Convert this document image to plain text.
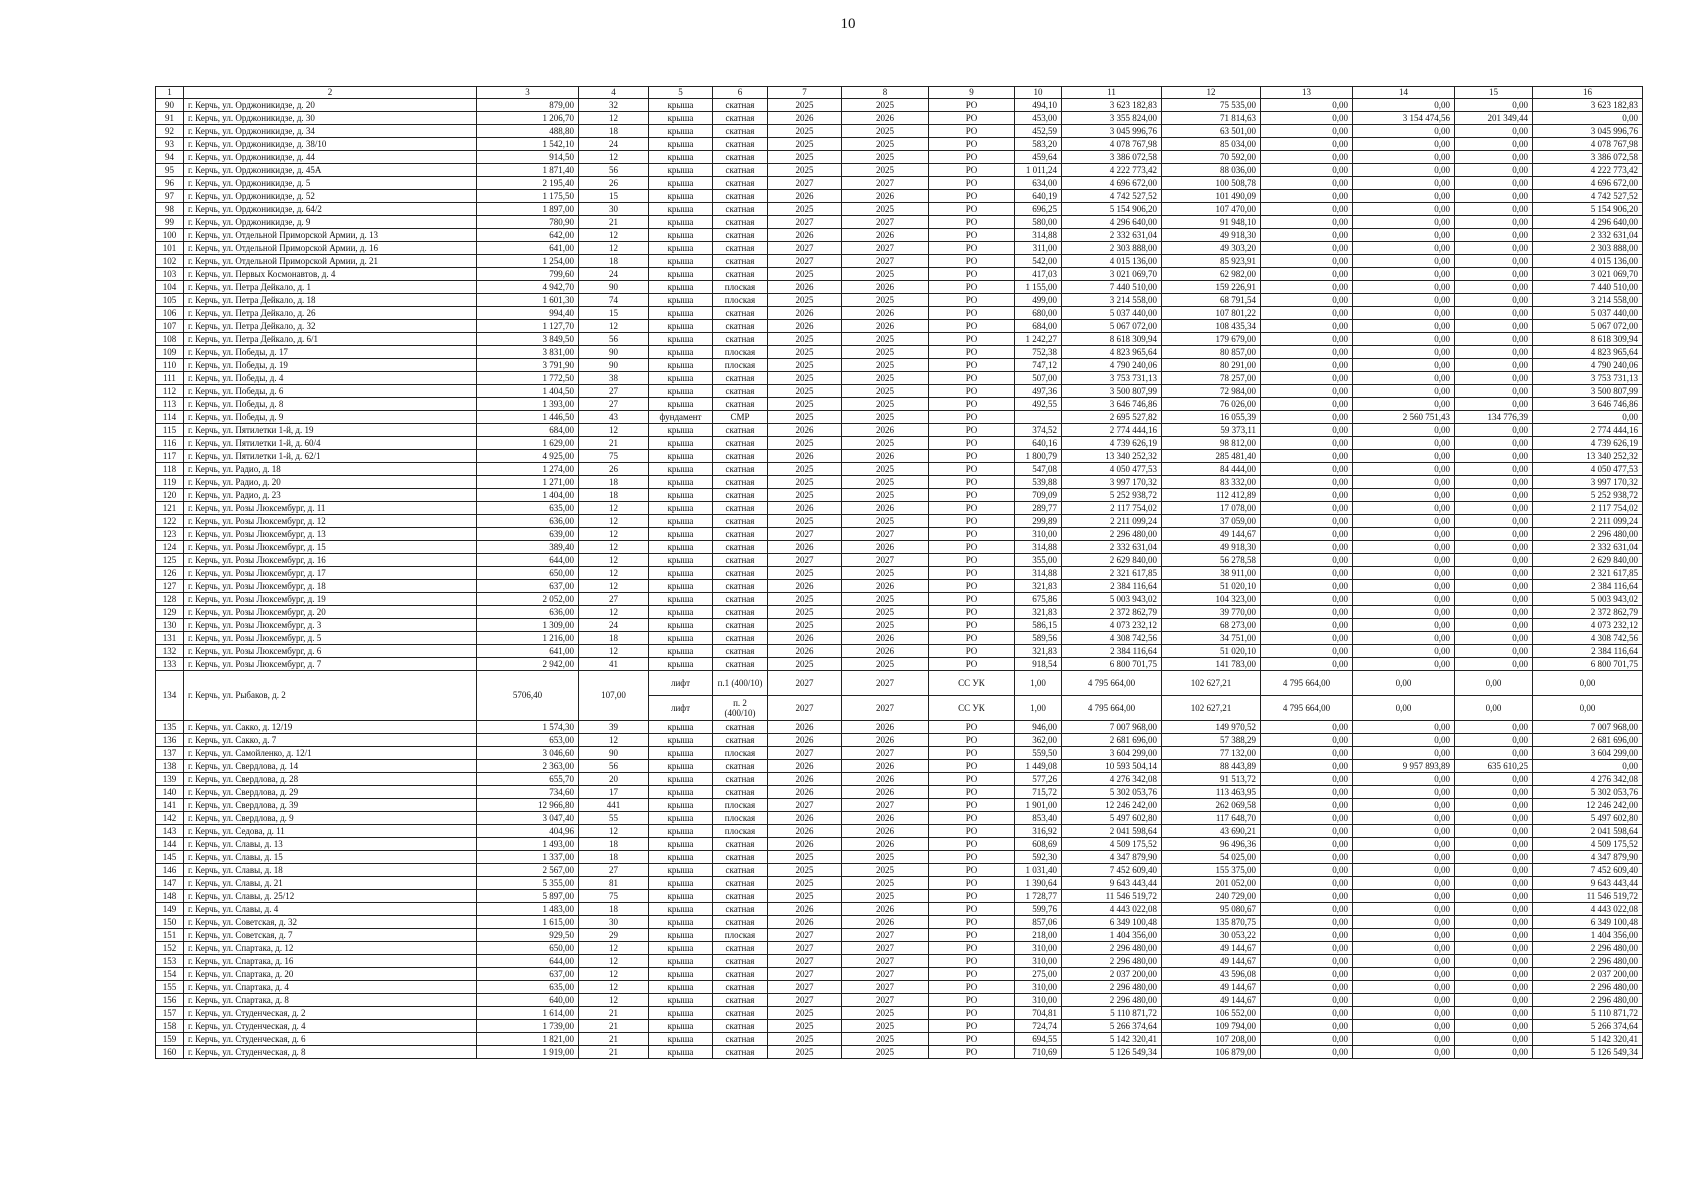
10
1	2	3	4	5	6	7	8	9	10	11	12	13	14	15	16
90	г. Керчь, ул. Орджоникидзе, д. 20	879,00	32	крыша	скатная	2025	2025	РО	494,10	3 623 182,83	75 535,00	0,00	0,00	0,00	3 623 182,83
91	г. Керчь, ул. Орджоникидзе, д. 30	1 206,70	12	крыша	скатная	2026	2026	РО	453,00	3 355 824,00	71 814,63	0,00	3 154 474,56	201 349,44	0,00
92	г. Керчь, ул. Орджоникидзе, д. 34	488,80	18	крыша	скатная	2025	2025	РО	452,59	3 045 996,76	63 501,00	0,00	0,00	0,00	3 045 996,76
93	г. Керчь, ул. Орджоникидзе, д. 38/10	1 542,10	24	крыша	скатная	2025	2025	РО	583,20	4 078 767,98	85 034,00	0,00	0,00	0,00	4 078 767,98
94	г. Керчь, ул. Орджоникидзе, д. 44	914,50	12	крыша	скатная	2025	2025	РО	459,64	3 386 072,58	70 592,00	0,00	0,00	0,00	3 386 072,58
95	г. Керчь, ул. Орджоникидзе, д. 45А	1 871,40	56	крыша	скатная	2025	2025	РО	1 011,24	4 222 773,42	88 036,00	0,00	0,00	0,00	4 222 773,42
96	г. Керчь, ул. Орджоникидзе, д. 5	2 195,40	26	крыша	скатная	2027	2027	РО	634,00	4 696 672,00	100 508,78	0,00	0,00	0,00	4 696 672,00
97	г. Керчь, ул. Орджоникидзе, д. 52	1 175,50	15	крыша	скатная	2026	2026	РО	640,19	4 742 527,52	101 490,09	0,00	0,00	0,00	4 742 527,52
98	г. Керчь, ул. Орджоникидзе, д. 64/2	1 897,00	30	крыша	скатная	2025	2025	РО	696,25	5 154 906,20	107 470,00	0,00	0,00	0,00	5 154 906,20
99	г. Керчь, ул. Орджоникидзе, д. 9	780,90	21	крыша	скатная	2027	2027	РО	580,00	4 296 640,00	91 948,10	0,00	0,00	0,00	4 296 640,00
100	г. Керчь, ул. Отдельной Приморской Армии, д. 13	642,00	12	крыша	скатная	2026	2026	РО	314,88	2 332 631,04	49 918,30	0,00	0,00	0,00	2 332 631,04
101	г. Керчь, ул. Отдельной Приморской Армии, д. 16	641,00	12	крыша	скатная	2027	2027	РО	311,00	2 303 888,00	49 303,20	0,00	0,00	0,00	2 303 888,00
102	г. Керчь, ул. Отдельной Приморской Армии, д. 21	1 254,00	18	крыша	скатная	2027	2027	РО	542,00	4 015 136,00	85 923,91	0,00	0,00	0,00	4 015 136,00
103	г. Керчь, ул. Первых Космонавтов, д. 4	799,60	24	крыша	скатная	2025	2025	РО	417,03	3 021 069,70	62 982,00	0,00	0,00	0,00	3 021 069,70
104	г. Керчь, ул. Петра Дейкало, д. 1	4 942,70	90	крыша	плоская	2026	2026	РО	1 155,00	7 440 510,00	159 226,91	0,00	0,00	0,00	7 440 510,00
105	г. Керчь, ул. Петра Дейкало, д. 18	1 601,30	74	крыша	плоская	2025	2025	РО	499,00	3 214 558,00	68 791,54	0,00	0,00	0,00	3 214 558,00
106	г. Керчь, ул. Петра Дейкало, д. 26	994,40	15	крыша	скатная	2026	2026	РО	680,00	5 037 440,00	107 801,22	0,00	0,00	0,00	5 037 440,00
107	г. Керчь, ул. Петра Дейкало, д. 32	1 127,70	12	крыша	скатная	2026	2026	РО	684,00	5 067 072,00	108 435,34	0,00	0,00	0,00	5 067 072,00
108	г. Керчь, ул. Петра Дейкало, д. 6/1	3 849,50	56	крыша	скатная	2025	2025	РО	1 242,27	8 618 309,94	179 679,00	0,00	0,00	0,00	8 618 309,94
109	г. Керчь, ул. Победы, д. 17	3 831,00	90	крыша	плоская	2025	2025	РО	752,38	4 823 965,64	80 857,00	0,00	0,00	0,00	4 823 965,64
110	г. Керчь, ул. Победы, д. 19	3 791,90	90	крыша	плоская	2025	2025	РО	747,12	4 790 240,06	80 291,00	0,00	0,00	0,00	4 790 240,06
111	г. Керчь, ул. Победы, д. 4	1 772,50	38	крыша	скатная	2025	2025	РО	507,00	3 753 731,13	78 257,00	0,00	0,00	0,00	3 753 731,13
112	г. Керчь, ул. Победы, д. 6	1 404,50	27	крыша	скатная	2025	2025	РО	497,36	3 500 807,99	72 984,00	0,00	0,00	0,00	3 500 807,99
113	г. Керчь, ул. Победы, д. 8	1 393,00	27	крыша	скатная	2025	2025	РО	492,55	3 646 746,86	76 026,00	0,00	0,00	0,00	3 646 746,86
114	г. Керчь, ул. Победы, д. 9	1 446,50	43	фундамент	СМР	2025	2025	РО		2 695 527,82	16 055,39	0,00	2 560 751,43	134 776,39	0,00
115	г. Керчь, ул. Пятилетки 1-й, д. 19	684,00	12	крыша	скатная	2026	2026	РО	374,52	2 774 444,16	59 373,11	0,00	0,00	0,00	2 774 444,16
116	г. Керчь, ул. Пятилетки 1-й, д. 60/4	1 629,00	21	крыша	скатная	2025	2025	РО	640,16	4 739 626,19	98 812,00	0,00	0,00	0,00	4 739 626,19
117	г. Керчь, ул. Пятилетки 1-й, д. 62/1	4 925,00	75	крыша	скатная	2026	2026	РО	1 800,79	13 340 252,32	285 481,40	0,00	0,00	0,00	13 340 252,32
118	г. Керчь, ул. Радио, д. 18	1 274,00	26	крыша	скатная	2025	2025	РО	547,08	4 050 477,53	84 444,00	0,00	0,00	0,00	4 050 477,53
119	г. Керчь, ул. Радио, д. 20	1 271,00	18	крыша	скатная	2025	2025	РО	539,88	3 997 170,32	83 332,00	0,00	0,00	0,00	3 997 170,32
120	г. Керчь, ул. Радио, д. 23	1 404,00	18	крыша	скатная	2025	2025	РО	709,09	5 252 938,72	112 412,89	0,00	0,00	0,00	5 252 938,72
121	г. Керчь, ул. Розы Люксембург, д. 11	635,00	12	крыша	скатная	2026	2026	РО	289,77	2 117 754,02	17 078,00	0,00	0,00	0,00	2 117 754,02
122	г. Керчь, ул. Розы Люксембург, д. 12	636,00	12	крыша	скатная	2025	2025	РО	299,89	2 211 099,24	37 059,00	0,00	0,00	0,00	2 211 099,24
123	г. Керчь, ул. Розы Люксембург, д. 13	639,00	12	крыша	скатная	2027	2027	РО	310,00	2 296 480,00	49 144,67	0,00	0,00	0,00	2 296 480,00
124	г. Керчь, ул. Розы Люксембург, д. 15	389,40	12	крыша	скатная	2026	2026	РО	314,88	2 332 631,04	49 918,30	0,00	0,00	0,00	2 332 631,04
125	г. Керчь, ул. Розы Люксембург, д. 16	644,00	12	крыша	скатная	2027	2027	РО	355,00	2 629 840,00	56 278,58	0,00	0,00	0,00	2 629 840,00
126	г. Керчь, ул. Розы Люксембург, д. 17	650,00	12	крыша	скатная	2025	2025	РО	314,88	2 321 617,85	38 911,00	0,00	0,00	0,00	2 321 617,85
127	г. Керчь, ул. Розы Люксембург, д. 18	637,00	12	крыша	скатная	2026	2026	РО	321,83	2 384 116,64	51 020,10	0,00	0,00	0,00	2 384 116,64
128	г. Керчь, ул. Розы Люксембург, д. 19	2 052,00	27	крыша	скатная	2025	2025	РО	675,86	5 003 943,02	104 323,00	0,00	0,00	0,00	5 003 943,02
129	г. Керчь, ул. Розы Люксембург, д. 20	636,00	12	крыша	скатная	2025	2025	РО	321,83	2 372 862,79	39 770,00	0,00	0,00	0,00	2 372 862,79
130	г. Керчь, ул. Розы Люксембург, д. 3	1 309,00	24	крыша	скатная	2025	2025	РО	586,15	4 073 232,12	68 273,00	0,00	0,00	0,00	4 073 232,12
131	г. Керчь, ул. Розы Люксембург, д. 5	1 216,00	18	крыша	скатная	2026	2026	РО	589,56	4 308 742,56	34 751,00	0,00	0,00	0,00	4 308 742,56
132	г. Керчь, ул. Розы Люксембург, д. 6	641,00	12	крыша	скатная	2026	2026	РО	321,83	2 384 116,64	51 020,10	0,00	0,00	0,00	2 384 116,64
133	г. Керчь, ул. Розы Люксембург, д. 7	2 942,00	41	крыша	скатная	2025	2025	РО	918,54	6 800 701,75	141 783,00	0,00	0,00	0,00	6 800 701,75
134	г. Керчь, ул. Рыбаков, д. 2	5706,40	107,00	лифт	п.1 (400/10)	2027	2027	СС УК	1,00	4 795 664,00	102 627,21	4 795 664,00	0,00	0,00	0,00
				лифт	п. 2 (400/10)	2027	2027	СС УК	1,00	4 795 664,00	102 627,21	4 795 664,00	0,00	0,00	0,00
135	г. Керчь, ул. Сакко, д. 12/19	1 574,30	39	крыша	скатная	2026	2026	РО	946,00	7 007 968,00	149 970,52	0,00	0,00	0,00	7 007 968,00
136	г. Керчь, ул. Сакко, д. 7	653,00	12	крыша	скатная	2026	2026	РО	362,00	2 681 696,00	57 388,29	0,00	0,00	0,00	2 681 696,00
137	г. Керчь, ул. Самойленко, д. 12/1	3 046,60	90	крыша	плоская	2027	2027	РО	559,50	3 604 299,00	77 132,00	0,00	0,00	0,00	3 604 299,00
138	г. Керчь, ул. Свердлова, д. 14	2 363,00	56	крыша	скатная	2026	2026	РО	1 449,08	10 593 504,14	88 443,89	0,00	9 957 893,89	635 610,25	0,00
139	г. Керчь, ул. Свердлова, д. 28	655,70	20	крыша	скатная	2026	2026	РО	577,26	4 276 342,08	91 513,72	0,00	0,00	0,00	4 276 342,08
140	г. Керчь, ул. Свердлова, д. 29	734,60	17	крыша	скатная	2026	2026	РО	715,72	5 302 053,76	113 463,95	0,00	0,00	0,00	5 302 053,76
141	г. Керчь, ул. Свердлова, д. 39	12 966,80	441	крыша	плоская	2027	2027	РО	1 901,00	12 246 242,00	262 069,58	0,00	0,00	0,00	12 246 242,00
142	г. Керчь, ул. Свердлова, д. 9	3 047,40	55	крыша	плоская	2026	2026	РО	853,40	5 497 602,80	117 648,70	0,00	0,00	0,00	5 497 602,80
143	г. Керчь, ул. Седова, д. 11	404,96	12	крыша	плоская	2026	2026	РО	316,92	2 041 598,64	43 690,21	0,00	0,00	0,00	2 041 598,64
144	г. Керчь, ул. Славы, д. 13	1 493,00	18	крыша	скатная	2026	2026	РО	608,69	4 509 175,52	96 496,36	0,00	0,00	0,00	4 509 175,52
145	г. Керчь, ул. Славы, д. 15	1 337,00	18	крыша	скатная	2025	2025	РО	592,30	4 347 879,90	54 025,00	0,00	0,00	0,00	4 347 879,90
146	г. Керчь, ул. Славы, д. 18	2 567,00	27	крыша	скатная	2025	2025	РО	1 031,40	7 452 609,40	155 375,00	0,00	0,00	0,00	7 452 609,40
147	г. Керчь, ул. Славы, д. 21	5 355,00	81	крыша	скатная	2025	2025	РО	1 390,64	9 643 443,44	201 052,00	0,00	0,00	0,00	9 643 443,44
148	г. Керчь, ул. Славы, д. 25/12	5 897,00	75	крыша	скатная	2025	2025	РО	1 728,77	11 546 519,72	240 729,00	0,00	0,00	0,00	11 546 519,72
149	г. Керчь, ул. Славы, д. 4	1 483,00	18	крыша	скатная	2026	2026	РО	599,76	4 443 022,08	95 080,67	0,00	0,00	0,00	4 443 022,08
150	г. Керчь, ул. Советская, д. 32	1 615,00	30	крыша	скатная	2026	2026	РО	857,06	6 349 100,48	135 870,75	0,00	0,00	0,00	6 349 100,48
151	г. Керчь, ул. Советская, д. 7	929,50	29	крыша	плоская	2027	2027	РО	218,00	1 404 356,00	30 053,22	0,00	0,00	0,00	1 404 356,00
152	г. Керчь, ул. Спартака, д. 12	650,00	12	крыша	скатная	2027	2027	РО	310,00	2 296 480,00	49 144,67	0,00	0,00	0,00	2 296 480,00
153	г. Керчь, ул. Спартака, д. 16	644,00	12	крыша	скатная	2027	2027	РО	310,00	2 296 480,00	49 144,67	0,00	0,00	0,00	2 296 480,00
154	г. Керчь, ул. Спартака, д. 20	637,00	12	крыша	скатная	2027	2027	РО	275,00	2 037 200,00	43 596,08	0,00	0,00	0,00	2 037 200,00
155	г. Керчь, ул. Спартака, д. 4	635,00	12	крыша	скатная	2027	2027	РО	310,00	2 296 480,00	49 144,67	0,00	0,00	0,00	2 296 480,00
156	г. Керчь, ул. Спартака, д. 8	640,00	12	крыша	скатная	2027	2027	РО	310,00	2 296 480,00	49 144,67	0,00	0,00	0,00	2 296 480,00
157	г. Керчь, ул. Студенческая, д. 2	1 614,00	21	крыша	скатная	2025	2025	РО	704,81	5 110 871,72	106 552,00	0,00	0,00	0,00	5 110 871,72
158	г. Керчь, ул. Студенческая, д. 4	1 739,00	21	крыша	скатная	2025	2025	РО	724,74	5 266 374,64	109 794,00	0,00	0,00	0,00	5 266 374,64
159	г. Керчь, ул. Студенческая, д. 6	1 821,00	21	крыша	скатная	2025	2025	РО	694,55	5 142 320,41	107 208,00	0,00	0,00	0,00	5 142 320,41
160	г. Керчь, ул. Студенческая, д. 8	1 919,00	21	крыша	скатная	2025	2025	РО	710,69	5 126 549,34	106 879,00	0,00	0,00	0,00	5 126 549,34
